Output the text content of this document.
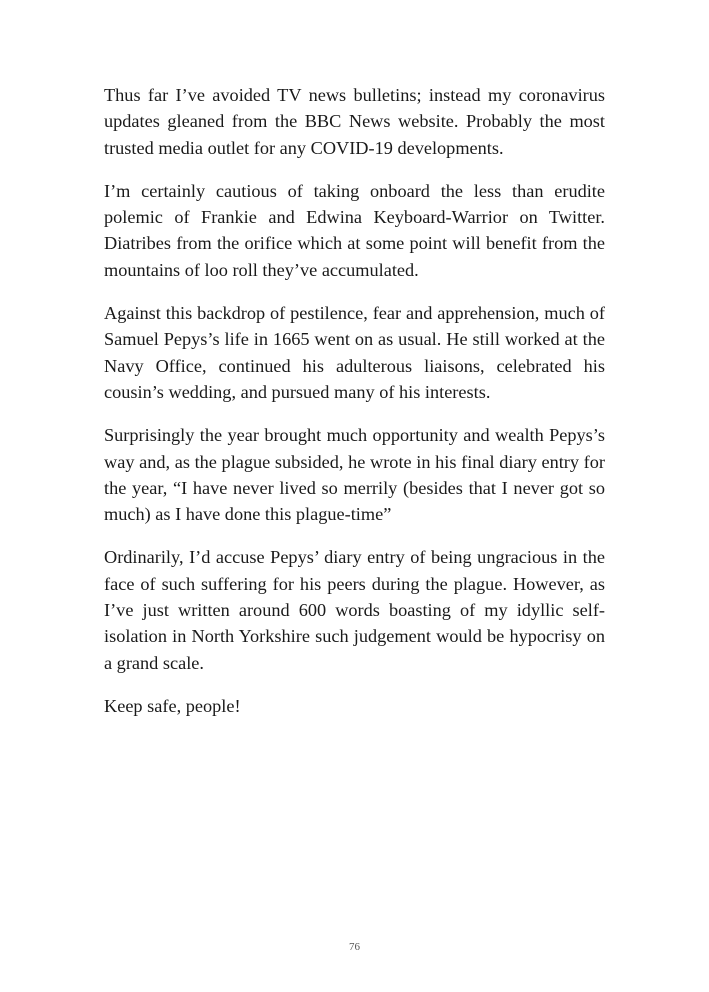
Thus far I’ve avoided TV news bulletins; instead my coronavirus updates gleaned from the BBC News website. Probably the most trusted media outlet for any COVID-19 developments.

I’m certainly cautious of taking onboard the less than erudite polemic of Frankie and Edwina Keyboard-Warrior on Twitter. Diatribes from the orifice which at some point will benefit from the mountains of loo roll they’ve accumulated.

Against this backdrop of pestilence, fear and apprehension, much of Samuel Pepys’s life in 1665 went on as usual. He still worked at the Navy Office, continued his adulterous liaisons, celebrated his cousin’s wedding, and pursued many of his interests.

Surprisingly the year brought much opportunity and wealth Pepys’s way and, as the plague subsided, he wrote in his final diary entry for the year, “I have never lived so merrily (besides that I never got so much) as I have done this plague-time”

Ordinarily, I’d accuse Pepys’ diary entry of being ungracious in the face of such suffering for his peers during the plague. However, as I’ve just written around 600 words boasting of my idyllic self-isolation in North Yorkshire such judgement would be hypocrisy on a grand scale.

Keep safe, people!

76
